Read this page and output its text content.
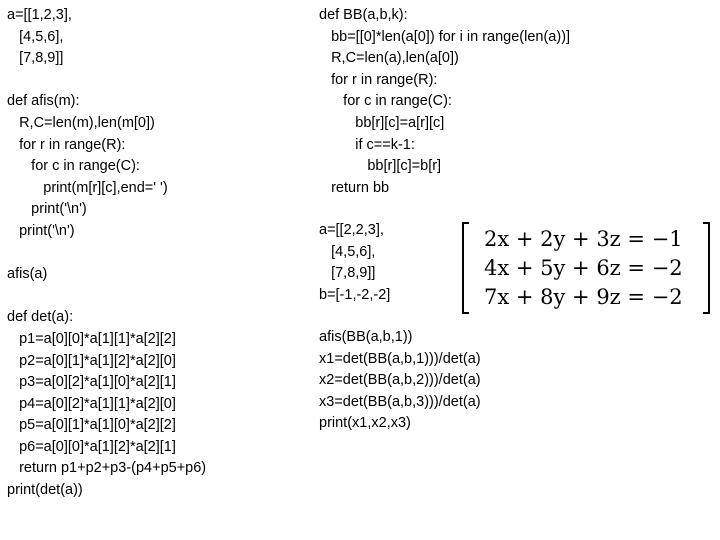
a=[[1,2,3],
[4,5,6],
[7,8,9]]
def afis(m):
R,C=len(m),len(m[0])
for r in range(R):
for c in range(C):
print(m[r][c],end=' ')
print('\n')
print('\n')
afis(a)
def det(a):
p1=a[0][0]*a[1][1]*a[2][2]
p2=a[0][1]*a[1][2]*a[2][0]
p3=a[0][2]*a[1][0]*a[2][1]
p4=a[0][2]*a[1][1]*a[2][0]
p5=a[0][1]*a[1][0]*a[2][2]
p6=a[0][0]*a[1][2]*a[2][1]
return p1+p2+p3-(p4+p5+p6)
print(det(a))
def BB(a,b,k):
bb=[[0]*len(a[0]) for i in range(len(a))]
R,C=len(a),len(a[0])
for r in range(R):
for c in range(C):
bb[r][c]=a[r][c]
if c==k-1:
bb[r][c]=b[r]
return bb
a=[[2,2,3],
[4,5,6],
[7,8,9]]
b=[-1,-2,-2]
afis(BB(a,b,1))
x1=det(BB(a,b,1)))/det(a)
x2=det(BB(a,b,2)))/det(a)
x3=det(BB(a,b,3)))/det(a)
print(x1,x2,x3)
2x + 2y + 3z = −1
4x + 5y + 6z = −2
7x + 8y + 9z = −2
